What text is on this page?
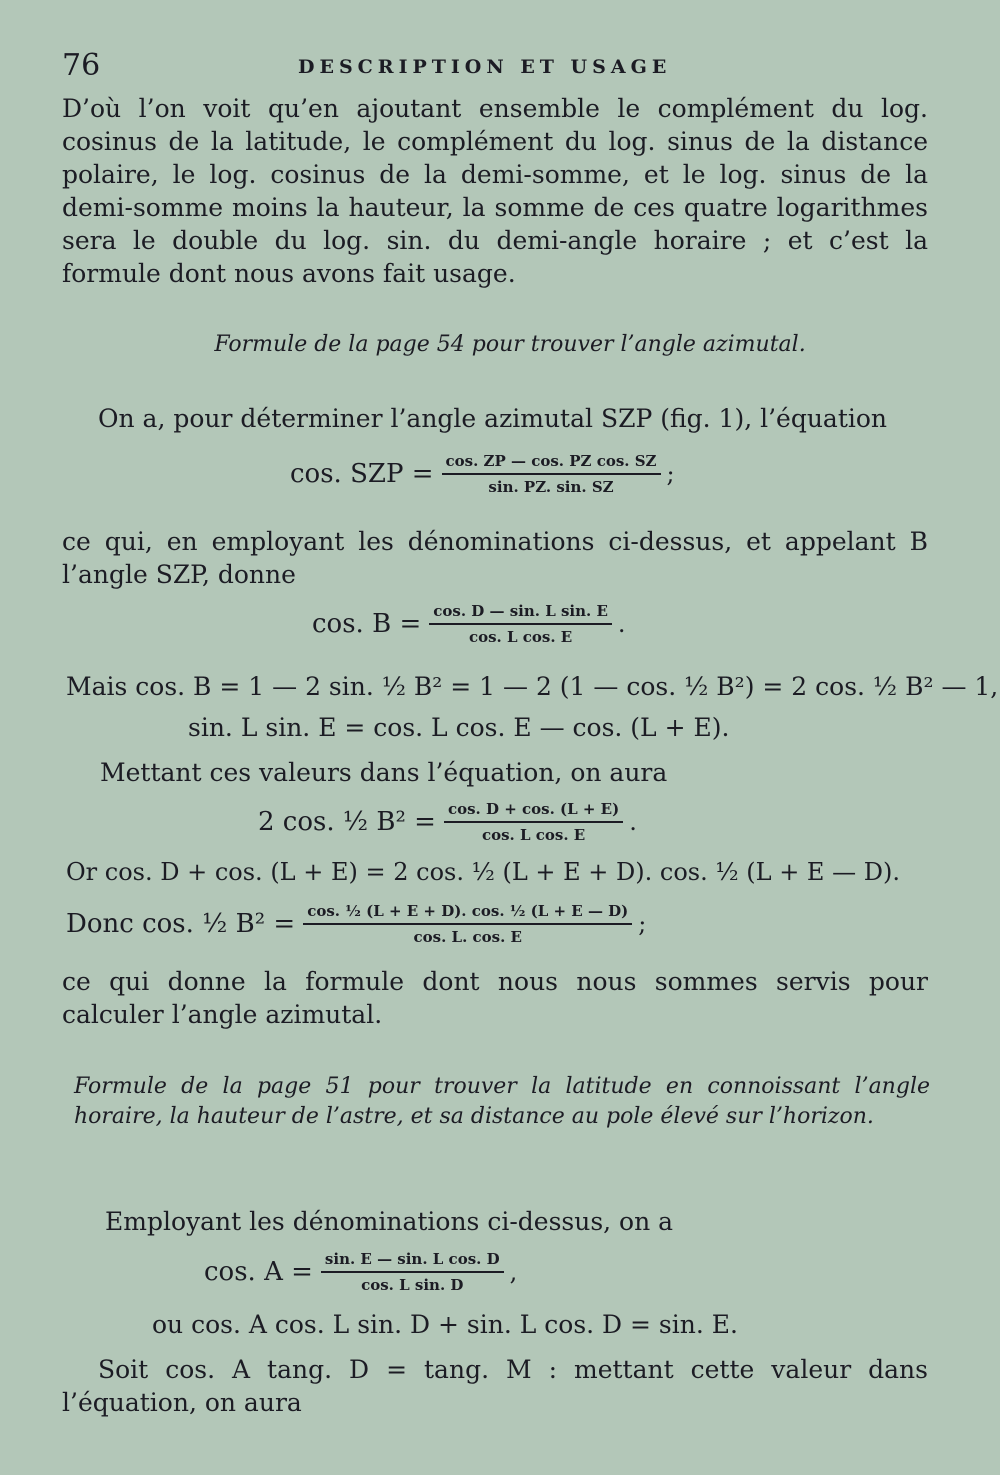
76	DESCRIPTION ET USAGE

D’où l’on voit qu’en ajoutant ensemble le complément du log. cosinus de la latitude, le complément du log. sinus de la distance polaire, le log. cosinus de la demi-somme, et le log. sinus de la demi-somme moins la hauteur, la somme de ces quatre logarithmes sera le double du log. sin. du demi-angle horaire ; et c’est la formule dont nous avons fait usage.

Formule de la page 54 pour trouver l’angle azimutal.

On a, pour déterminer l’angle azimutal SZP (fig. 1), l’équation

cos. SZP = $\frac{\text{cos. ZP — cos. PZ cos. SZ}}{\sin. PZ. \sin. SZ}$ ;

ce qui, en employant les dénominations ci-dessus, et appelant B l’angle SZP, donne

cos. $B = \frac{\text{cos. D — sin. L sin. E}}{\text{cos. L cos. E}}$ .
Mais cos. B = 1 — 2 sin. ½ B² = 1 — 2 (1 — cos. ½ B²) = 2 cos. ½ B² — 1,
sin. L sin. E = cos. L cos. E — cos. (L + E).
Mettant ces valeurs dans l’équation, on aura
2 cos. ½ $B^2 = \frac{\cos. D + \cos. (L + E)}{\text{cos. L cos. E}}$ .
Or cos. D + cos. (L + E) = 2 cos. ½ (L + E + D). cos. ½ (L + E — D).
Donc cos. ½ $B^2 = \frac{\text{cos. ½ (L + E + D). cos. ½ (L + E — D)}}{\cos. L. \cos. E}$ ;

ce qui donne la formule dont nous nous sommes servis pour calculer l’angle azimutal.

Formule de la page 51 pour trouver la latitude en connoissant l’angle horaire, la hauteur de l’astre, et sa distance au pole élevé sur l’horizon.
Employant les dénominations ci-dessus, on a
cos. $A = \frac{\text{sin. E — sin. L cos. D}}{\text{cos. L sin. D}}$ ,
ou cos. A cos. L sin. D + sin. L cos. D = sin. E.

Soit cos. A tang. D = tang. M : mettant cette valeur dans l’équation, on aura
